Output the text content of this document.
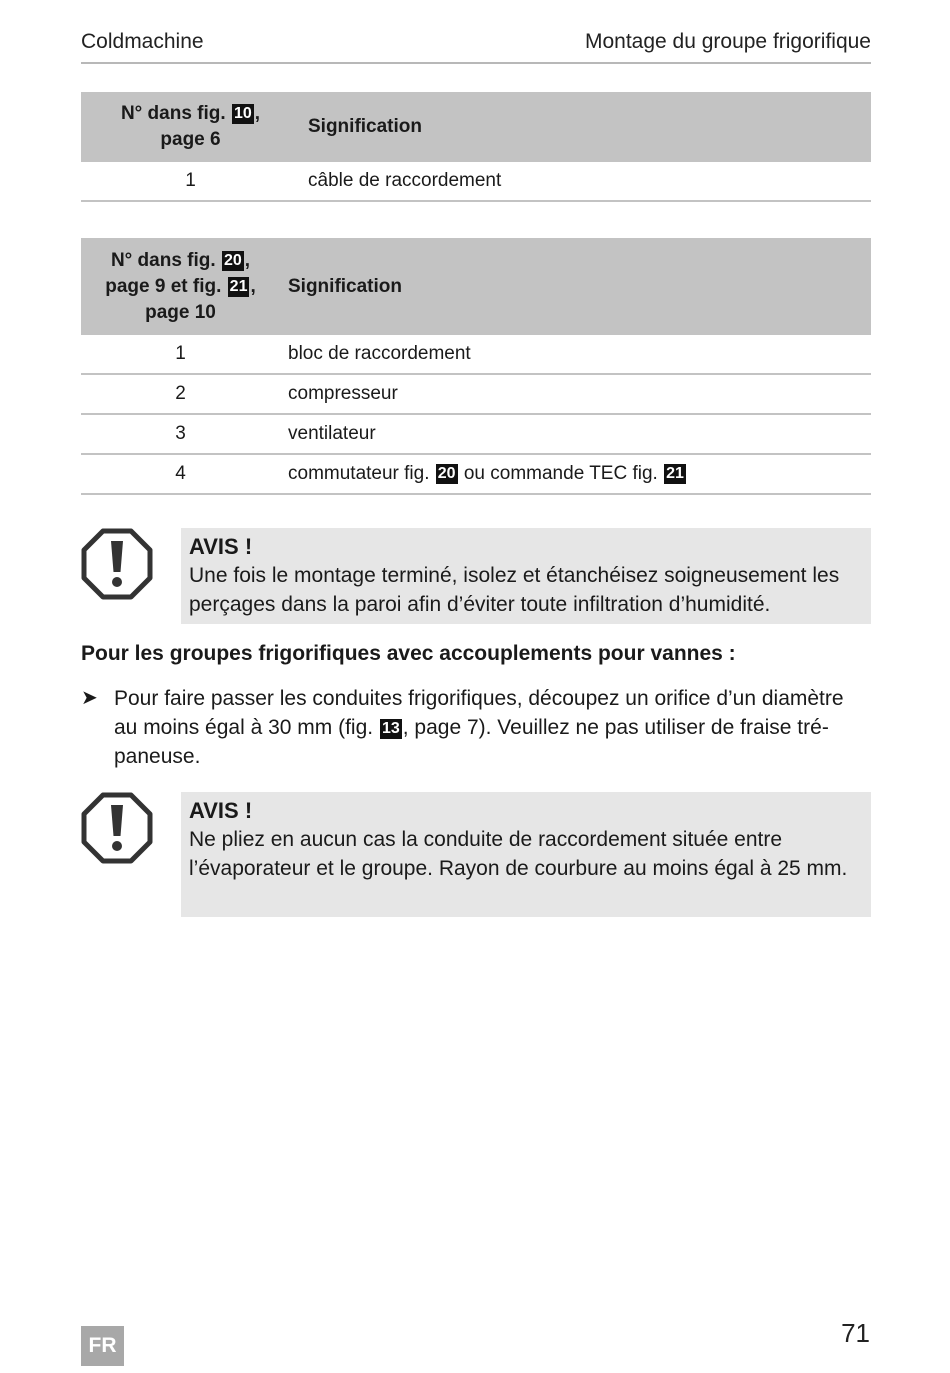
Coldmachine	Montage du groupe frigorifique
N° dans fig. 10 ,
page 6	Signification
1	câble de raccordement
N° dans fig. 20 ,
page 9 et fig. 21 ,
page 10	Signification
1	bloc de raccordement
2	compresseur
3	ventilateur
4	commutateur fig. 20 ou commande TEC fig. 21
AVIS !
Une fois le montage terminé, isolez et étanchéisez soigneusement les perçages dans la paroi afin d’éviter toute infiltration d’humidité.
Pour les groupes frigorifiques avec accouplements pour vannes :
➤ Pour faire passer les conduites frigorifiques, découpez un orifice d’un diamètre au moins égal à 30 mm (fig. 13 , page 7). Veuillez ne pas utiliser de fraise trépaneuse.
AVIS !
Ne pliez en aucun cas la conduite de raccordement située entre l’évaporateur et le groupe. Rayon de courbure au moins égal à 25 mm.
FR	71
